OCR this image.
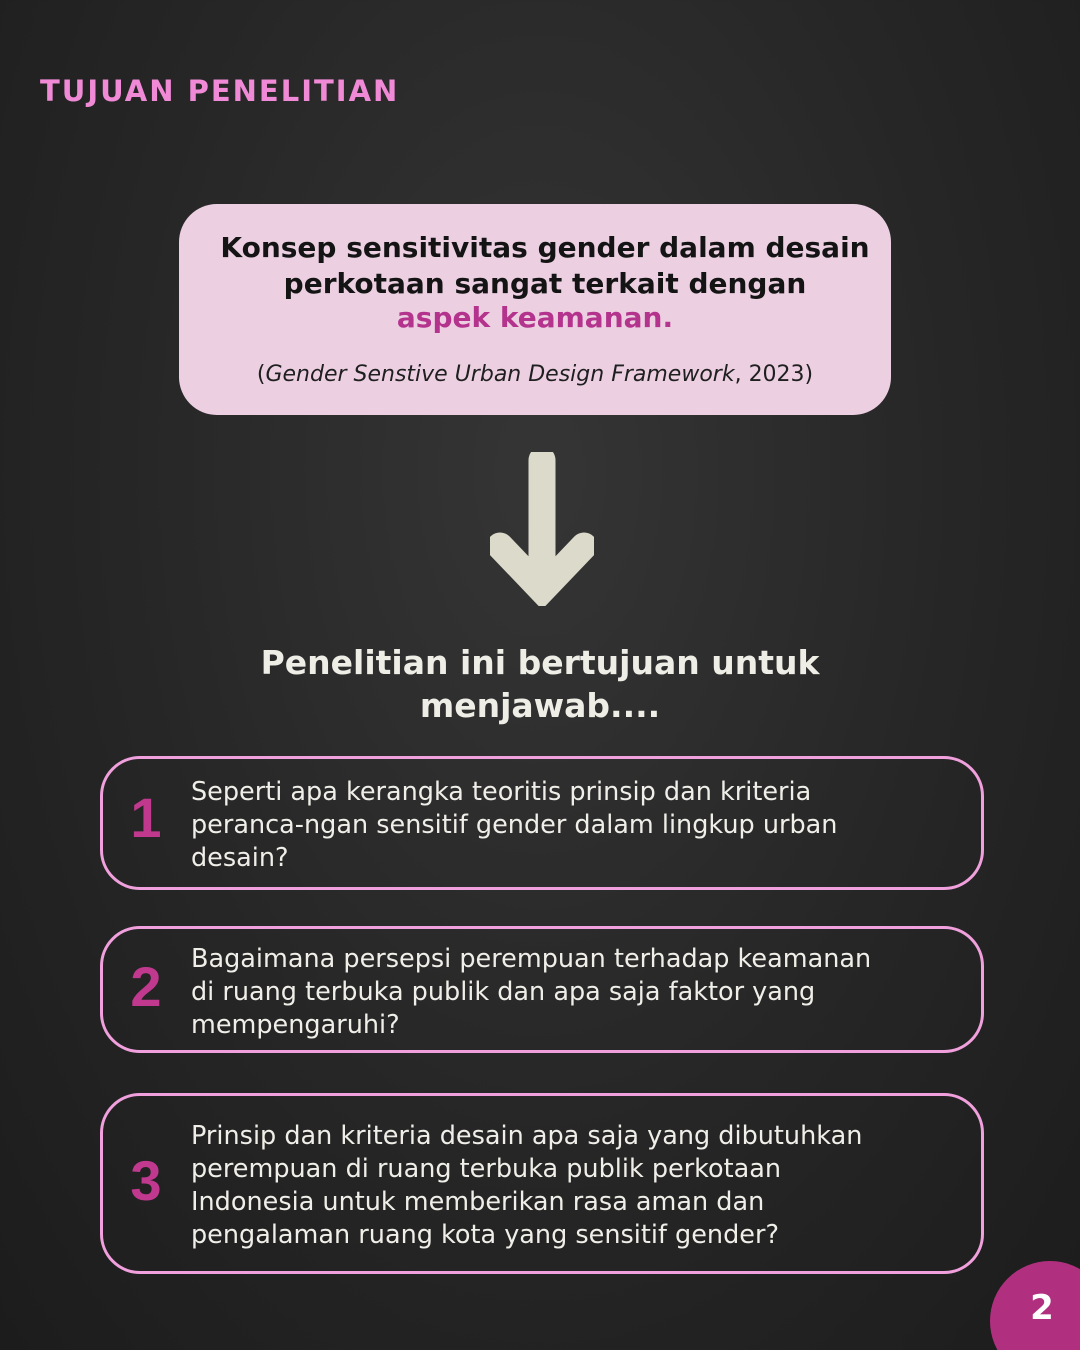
TUJUAN PENELITIAN
Konsep sensitivitas gender dalam desain
perkotaan sangat terkait dengan
aspek keamanan.
(Gender Senstive Urban Design Framework, 2023)
Penelitian ini bertujuan untuk
menjawab....
1 Seperti apa kerangka teoritis prinsip dan kriteria
peranca-ngan sensitif gender dalam lingkup urban
desain?
2 Bagaimana persepsi perempuan terhadap keamanan
di ruang terbuka publik dan apa saja faktor yang
mempengaruhi?
3
Prinsip dan kriteria desain apa saja yang dibutuhkan
perempuan di ruang terbuka publik perkotaan
Indonesia untuk memberikan rasa aman dan
pengalaman ruang kota yang sensitif gender?
2
